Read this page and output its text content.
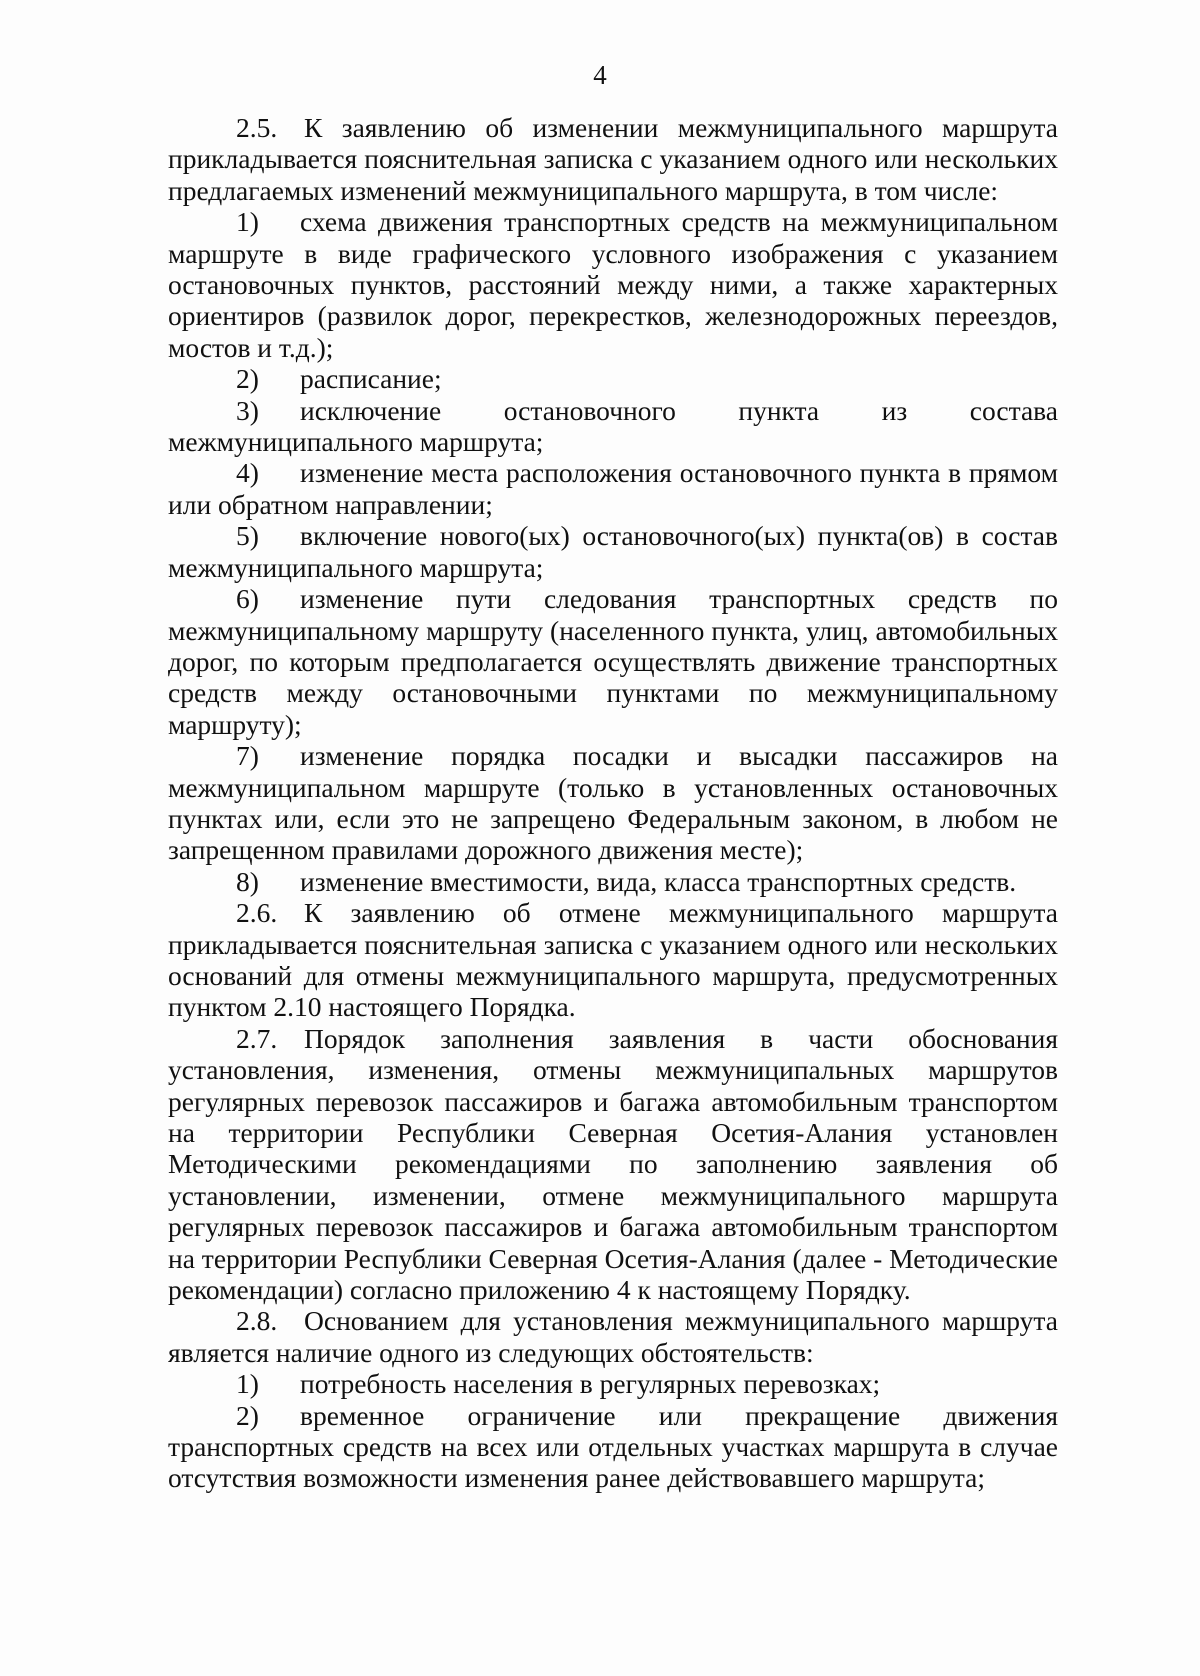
4

2.5. К заявлению об изменении межмуниципального маршрута прикладывается пояснительная записка с указанием одного или нескольких предлагаемых изменений межмуниципального маршрута, в том числе:

1) схема движения транспортных средств на межмуниципальном маршруте в виде графического условного изображения с указанием остановочных пунктов, расстояний между ними, а также характерных ориентиров (развилок дорог, перекрестков, железнодорожных переездов, мостов и т.д.);

2) расписание;

3) исключение остановочного пункта из состава межмуниципального маршрута;

4) изменение места расположения остановочного пункта в прямом или обратном направлении;

5) включение нового(ых) остановочного(ых) пункта(ов) в состав межмуниципального маршрута;

6) изменение пути следования транспортных средств по межмуниципальному маршруту (населенного пункта, улиц, автомобильных дорог, по которым предполагается осуществлять движение транспортных средств между остановочными пунктами по межмуниципальному маршруту);

7) изменение порядка посадки и высадки пассажиров на межмуниципальном маршруте (только в установленных остановочных пунктах или, если это не запрещено Федеральным законом, в любом не запрещенном правилами дорожного движения месте);

8) изменение вместимости, вида, класса транспортных средств.

2.6. К заявлению об отмене межмуниципального маршрута прикладывается пояснительная записка с указанием одного или нескольких оснований для отмены межмуниципального маршрута, предусмотренных пунктом 2.10 настоящего Порядка.

2.7. Порядок заполнения заявления в части обоснования установления, изменения, отмены межмуниципальных маршрутов регулярных перевозок пассажиров и багажа автомобильным транспортом на территории Республики Северная Осетия-Алания установлен Методическими рекомендациями по заполнению заявления об установлении, изменении, отмене межмуниципального маршрута регулярных перевозок пассажиров и багажа автомобильным транспортом на территории Республики Северная Осетия-Алания (далее - Методические рекомендации) согласно приложению 4 к настоящему Порядку.

2.8. Основанием для установления межмуниципального маршрута является наличие одного из следующих обстоятельств:

1) потребность населения в регулярных перевозках;

2) временное ограничение или прекращение движения транспортных средств на всех или отдельных участках маршрута в случае отсутствия возможности изменения ранее действовавшего маршрута;
